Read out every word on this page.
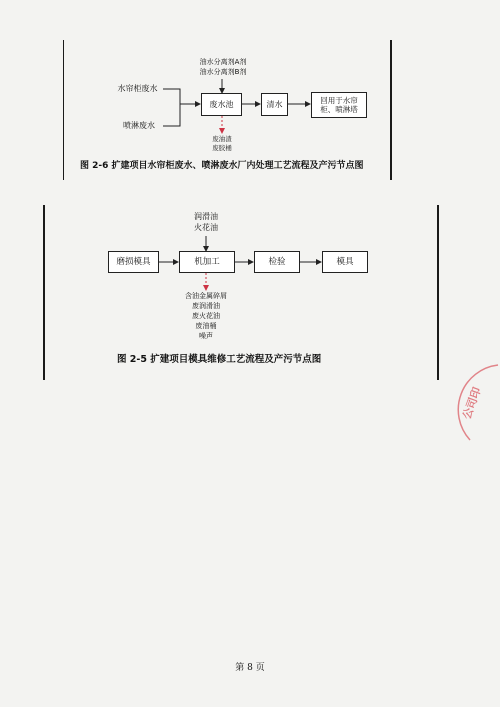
油水分离剂A剂
油水分离剂B剂
水帘柜废水
喷淋废水
废水池	清水	回用于水帘柜、喷淋塔
废油渣
废胶桶
图 2-6 扩建项目水帘柜废水、喷淋废水厂内处理工艺流程及产污节点图
润滑油
火花油
磨损模具	机加工	检验	模具
含油金属碎屑
废润滑油
废火花油
废油桶
噪声
图 2-5 扩建项目模具维修工艺流程及产污节点图
公司印
第 8 页
